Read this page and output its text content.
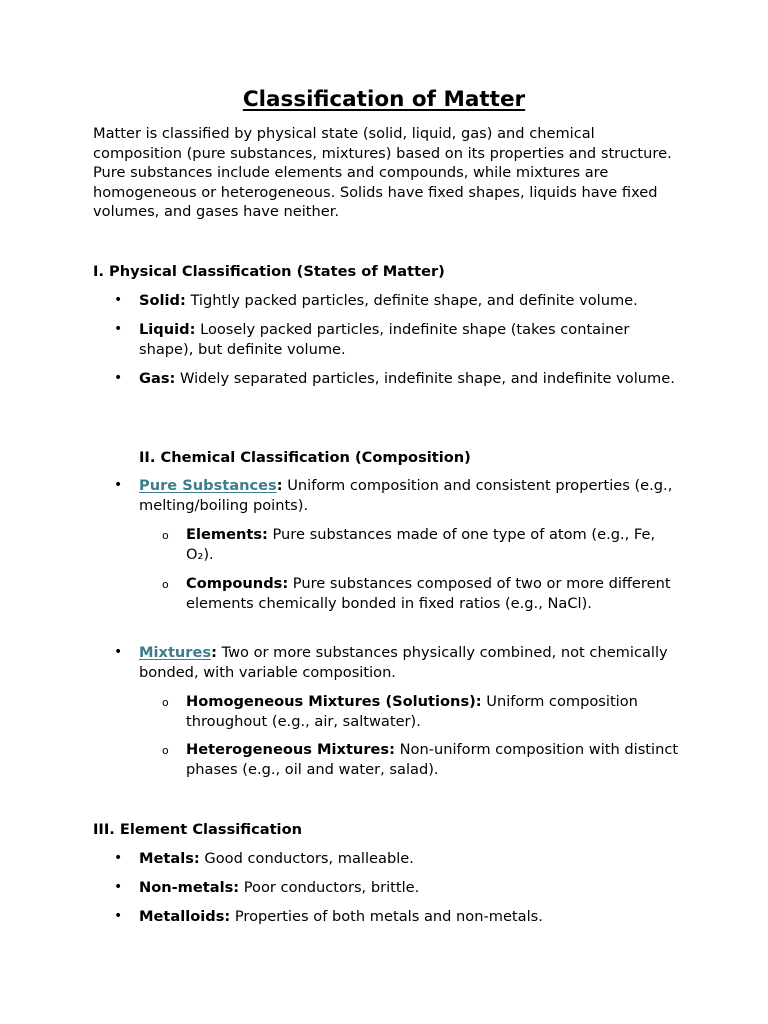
Classification of Matter

Matter is classified by physical state (solid, liquid, gas) and chemical composition (pure substances, mixtures) based on its properties and structure. Pure substances include elements and compounds, while mixtures are homogeneous or heterogeneous. Solids have fixed shapes, liquids have fixed volumes, and gases have neither.

I. Physical Classification (States of Matter)

• Solid: Tightly packed particles, definite shape, and definite volume.

• Liquid: Loosely packed particles, indefinite shape (takes container shape), but definite volume.

• Gas: Widely separated particles, indefinite shape, and indefinite volume.

II. Chemical Classification (Composition)

• Pure Substances: Uniform composition and consistent properties (e.g., melting/boiling points).

o Elements: Pure substances made of one type of atom (e.g., Fe, O₂).

o Compounds: Pure substances composed of two or more different elements chemically bonded in fixed ratios (e.g., NaCl).

• Mixtures: Two or more substances physically combined, not chemically bonded, with variable composition.

o Homogeneous Mixtures (Solutions): Uniform composition throughout (e.g., air, saltwater).

o Heterogeneous Mixtures: Non-uniform composition with distinct phases (e.g., oil and water, salad).

III. Element Classification

• Metals: Good conductors, malleable.

• Non-metals: Poor conductors, brittle.

• Metalloids: Properties of both metals and non-metals.
